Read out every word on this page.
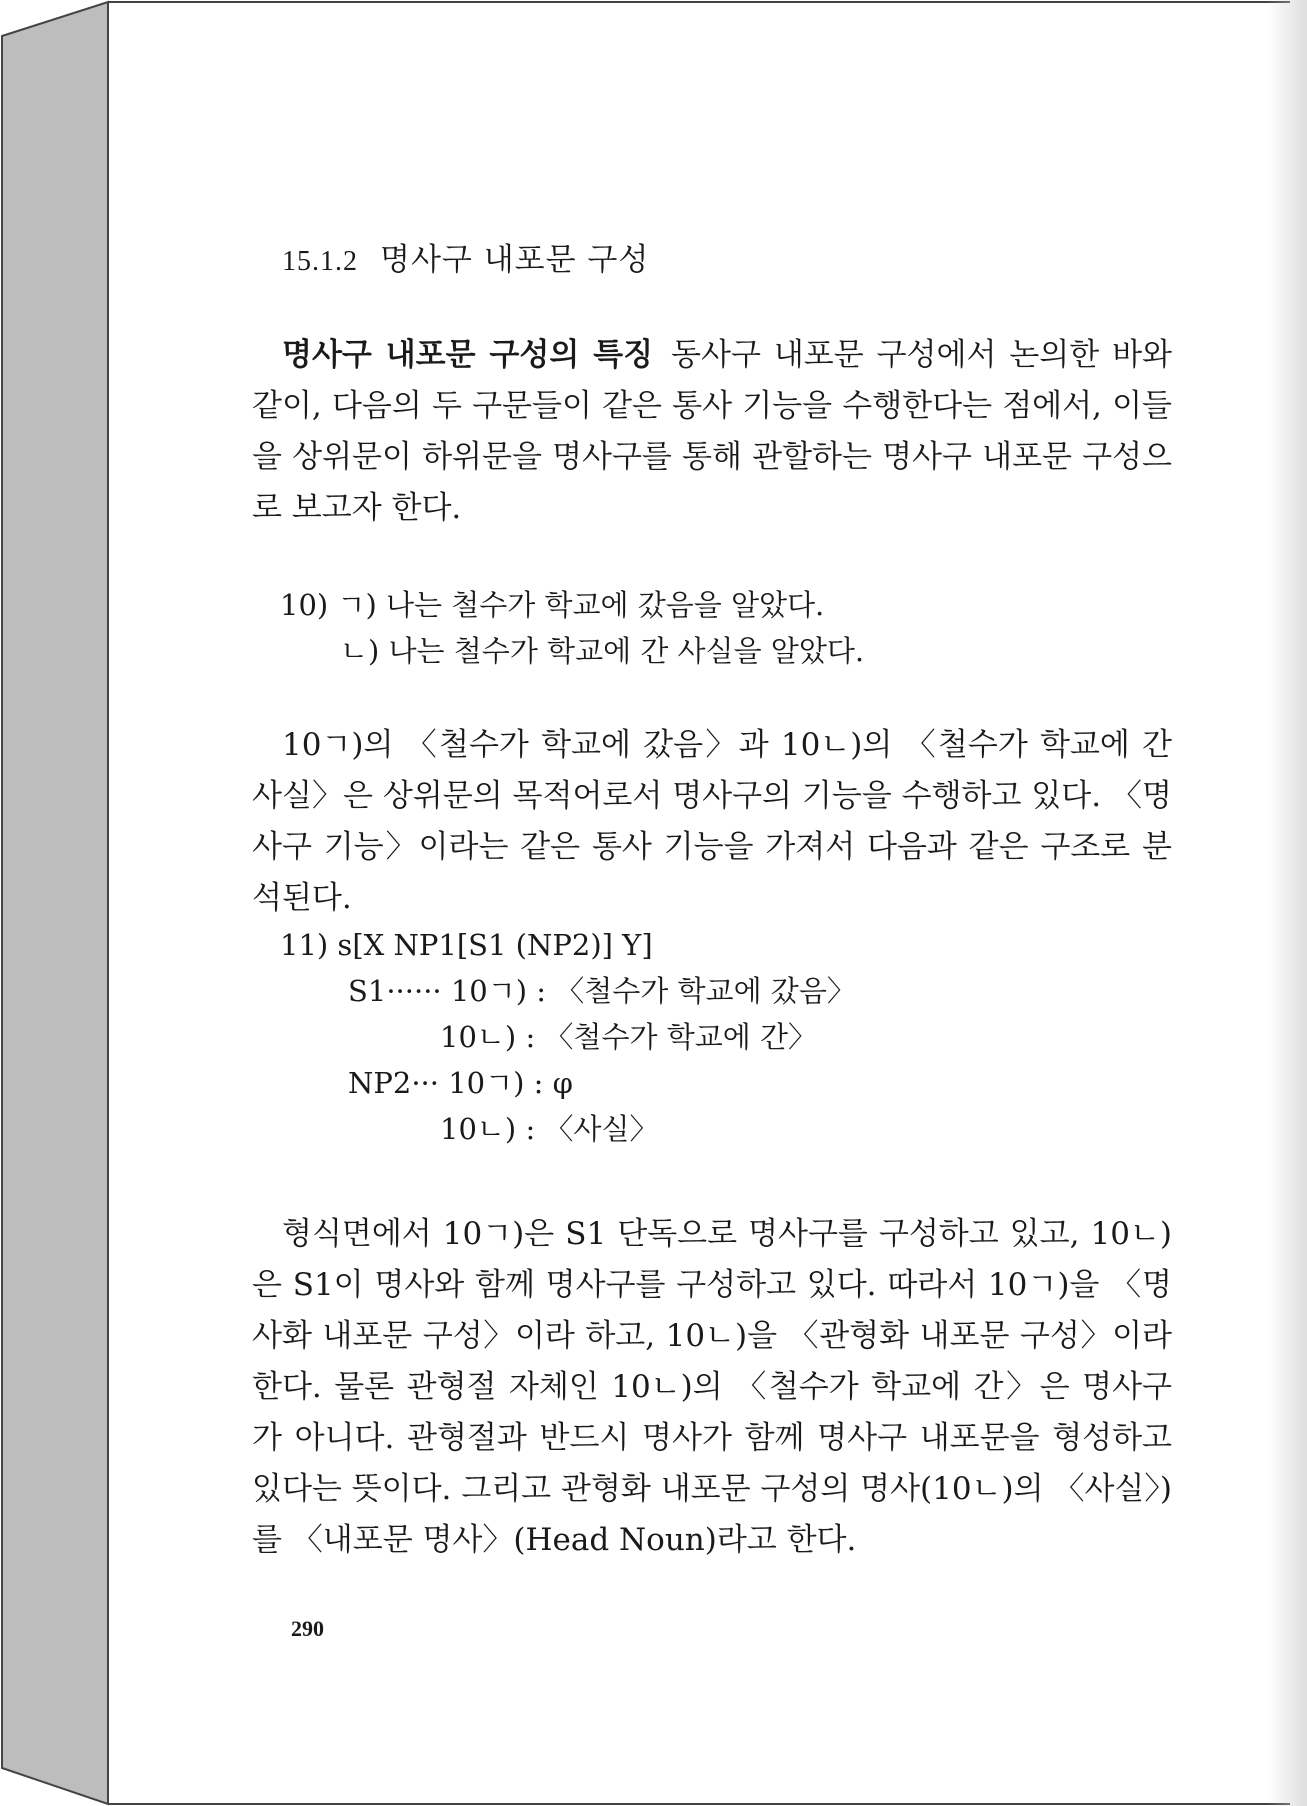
15.1.2 명사구 내포문 구성

명사구 내포문 구성의 특징 동사구 내포문 구성에서 논의한 바와 같이, 다음의 두 구문들이 같은 통사 기능을 수행한다는 점에서, 이들을 상위문이 하위문을 명사구를 통해 관할하는 명사구 내포문 구성으로 보고자 한다.

10) ㄱ) 나는 철수가 학교에 갔음을 알았다.
ㄴ) 나는 철수가 학교에 간 사실을 알았다.

10ㄱ)의 〈철수가 학교에 갔음〉과 10ㄴ)의 〈철수가 학교에 간 사실〉은 상위문의 목적어로서 명사구의 기능을 수행하고 있다. 〈명사구 기능〉이라는 같은 통사 기능을 가져서 다음과 같은 구조로 분석된다.

11) s[X NP1[S1 (NP2)] Y]
S1······ 10ㄱ) : 〈철수가 학교에 갔음〉
10ㄴ) : 〈철수가 학교에 간〉
NP2··· 10ㄱ) : φ
10ㄴ) : 〈사실〉

형식면에서 10ㄱ)은 S1 단독으로 명사구를 구성하고 있고, 10ㄴ)은 S1이 명사와 함께 명사구를 구성하고 있다. 따라서 10ㄱ)을 〈명사화 내포문 구성〉이라 하고, 10ㄴ)을 〈관형화 내포문 구성〉이라 한다. 물론 관형절 자체인 10ㄴ)의 〈철수가 학교에 간〉은 명사구가 아니다. 관형절과 반드시 명사가 함께 명사구 내포문을 형성하고 있다는 뜻이다. 그리고 관형화 내포문 구성의 명사(10ㄴ)의 〈사실〉)를 〈내포문 명사〉(Head Noun)라고 한다.

290
